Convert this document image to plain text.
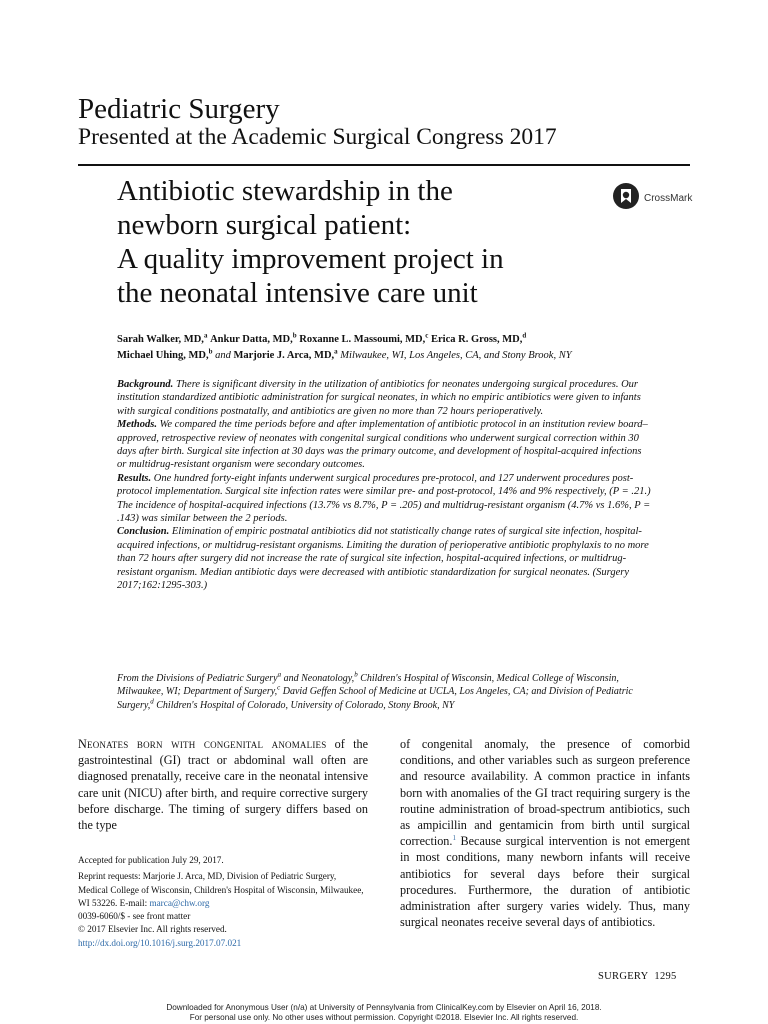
Pediatric Surgery
Presented at the Academic Surgical Congress 2017
Antibiotic stewardship in the
newborn surgical patient:
A quality improvement project in
the neonatal intensive care unit
CrossMark
Sarah Walker, MD,$^a$ Ankur Datta, MD,$^b$ Roxanne L. Massoumi, MD,$^c$ Erica R. Gross, MD,$^d$
Michael Uhing, MD,$^b$ and Marjorie J. Arca, MD,$^a$ Milwaukee, WI, Los Angeles, CA, and Stony Brook, NY

Background. There is significant diversity in the utilization of antibiotics for neonates undergoing surgical procedures. Our institution standardized antibiotic administration for surgical neonates, in which no empiric antibiotics were given to infants with surgical conditions postnatally, and antibiotics are given no more than 72 hours perioperatively.

Methods. We compared the time periods before and after implementation of antibiotic protocol in an institution review board–approved, retrospective review of neonates with congenital surgical conditions who underwent surgical correction within 30 days after birth. Surgical site infection at 30 days was the primary outcome, and development of hospital-acquired infections or multidrug-resistant organism were secondary outcomes.

Results. One hundred forty-eight infants underwent surgical procedures pre-protocol, and 127 underwent procedures post-protocol implementation. Surgical site infection rates were similar pre- and post-protocol, 14% and 9% respectively, (P = .21.) The incidence of hospital-acquired infections (13.7% vs 8.7%, P = .205) and multidrug-resistant organism (4.7% vs 1.6%, P = .143) was similar between the 2 periods.

Conclusion. Elimination of empiric postnatal antibiotics did not statistically change rates of surgical site infection, hospital-acquired infections, or multidrug-resistant organisms. Limiting the duration of perioperative antibiotic prophylaxis to no more than 72 hours after surgery did not increase the rate of surgical site infection, hospital-acquired infections, or multidrug-resistant organism. Median antibiotic days were decreased with antibiotic standardization for surgical neonates. (Surgery 2017;162:1295-303.)

From the Divisions of Pediatric Surgery$^a$ and Neonatology,$^b$ Children's Hospital of Wisconsin, Medical College of Wisconsin, Milwaukee, WI; Department of Surgery,$^c$ David Geffen School of Medicine at UCLA, Los Angeles, CA; and Division of Pediatric Surgery,$^d$ Children's Hospital of Colorado, University of Colorado, Stony Brook, NY
Neonates born with congenital anomalies of the gastrointestinal (GI) tract or abdominal wall often are diagnosed prenatally, receive care in the neonatal intensive care unit (NICU) after birth, and require corrective surgery before discharge. The timing of surgery differs based on the type
of congenital anomaly, the presence of comorbid conditions, and other variables such as surgeon preference and resource availability. A common practice in infants born with anomalies of the GI tract requiring surgery is the routine administration of broad-spectrum antibiotics, such as ampicillin and gentamicin from birth until surgical correction.$^1$ Because surgical intervention is not emergent in most conditions, many newborn infants will receive antibiotics for several days before their surgical procedures. Furthermore, the duration of antibiotic administration after surgery varies widely. Thus, many surgical neonates receive several days of antibiotics.

Accepted for publication July 29, 2017.

Reprint requests: Marjorie J. Arca, MD, Division of Pediatric Surgery, Medical College of Wisconsin, Children's Hospital of Wisconsin, Milwaukee, WI 53226. E-mail: marca@chw.org

0039-6060/$ - see front matter

© 2017 Elsevier Inc. All rights reserved.

http://dx.doi.org/10.1016/j.surg.2017.07.021

SURGERY 1295
Downloaded for Anonymous User (n/a) at University of Pennsylvania from ClinicalKey.com by Elsevier on April 16, 2018.
For personal use only. No other uses without permission. Copyright ©2018. Elsevier Inc. All rights reserved.
